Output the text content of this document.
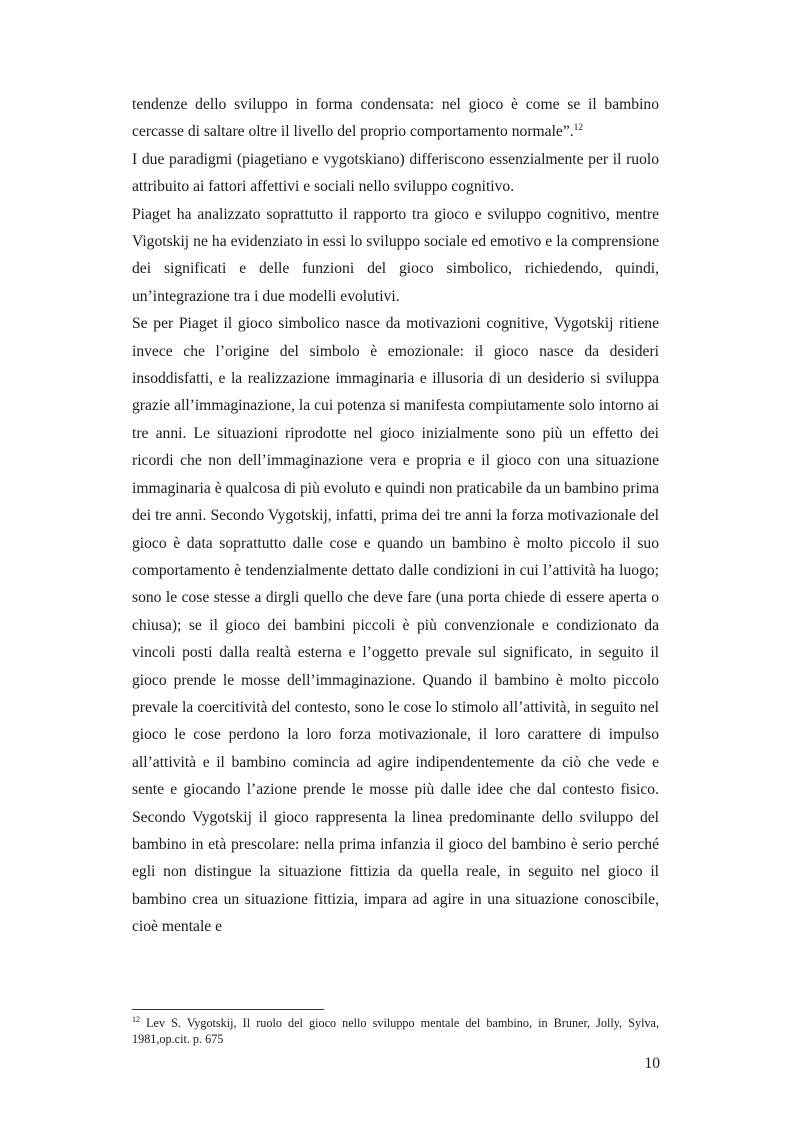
tendenze dello sviluppo in forma condensata: nel gioco è come se il bambino cercasse di saltare oltre il livello del proprio comportamento normale”.$^{12}$

I due paradigmi (piagetiano e vygotskiano) differiscono essenzialmente per il ruolo attribuito ai fattori affettivi e sociali nello sviluppo cognitivo.

Piaget ha analizzato soprattutto il rapporto tra gioco e sviluppo cognitivo, mentre Vigotskij ne ha evidenziato in essi lo sviluppo sociale ed emotivo e la comprensione dei significati e delle funzioni del gioco simbolico, richiedendo, quindi, un’integrazione tra i due modelli evolutivi.

Se per Piaget il gioco simbolico nasce da motivazioni cognitive, Vygotskij ritiene invece che l’origine del simbolo è emozionale: il gioco nasce da desideri insoddisfatti, e la realizzazione immaginaria e illusoria di un desiderio si sviluppa grazie all’immaginazione, la cui potenza si manifesta compiutamente solo intorno ai tre anni. Le situazioni riprodotte nel gioco inizialmente sono più un effetto dei ricordi che non dell’immaginazione vera e propria e il gioco con una situazione immaginaria è qualcosa di più evoluto e quindi non praticabile da un bambino prima dei tre anni. Secondo Vygotskij, infatti, prima dei tre anni la forza motivazionale del gioco è data soprattutto dalle cose e quando un bambino è molto piccolo il suo comportamento è tendenzialmente dettato dalle condizioni in cui l’attività ha luogo; sono le cose stesse a dirgli quello che deve fare (una porta chiede di essere aperta o chiusa); se il gioco dei bambini piccoli è più convenzionale e condizionato da vincoli posti dalla realtà esterna e l’oggetto prevale sul significato, in seguito il gioco prende le mosse dell’immaginazione. Quando il bambino è molto piccolo prevale la coercitività del contesto, sono le cose lo stimolo all’attività, in seguito nel gioco le cose perdono la loro forza motivazionale, il loro carattere di impulso all’attività e il bambino comincia ad agire indipendentemente da ciò che vede e sente e giocando l’azione prende le mosse più dalle idee che dal contesto fisico. Secondo Vygotskij il gioco rappresenta la linea predominante dello sviluppo del bambino in età prescolare: nella prima infanzia il gioco del bambino è serio perché egli non distingue la situazione fittizia da quella reale, in seguito nel gioco il bambino crea un situazione fittizia, impara ad agire in una situazione conoscibile, cioè mentale e

$^{12}$ Lev S. Vygotskij, Il ruolo del gioco nello sviluppo mentale del bambino, in Bruner, Jolly, Sylva, 1981,op.cit. p. 675

10
